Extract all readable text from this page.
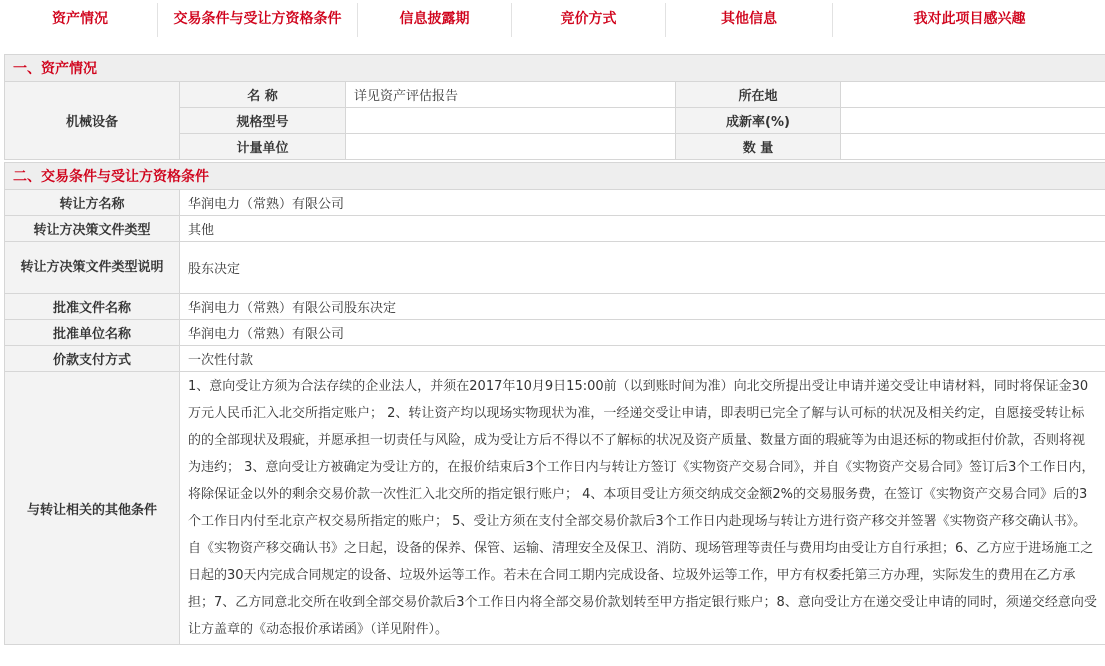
资产情况	交易条件与受让方资格条件	信息披露期	竞价方式	其他信息	我对此项目感兴趣
一、资产情况				
机械设备	名 称	详见资产评估报告	所在地	
	规格型号		成新率(%)	
	计量单位		数 量	
二、交易条件与受让方资格条件	
转让方名称	华润电力（常熟）有限公司
转让方决策文件类型	其他
转让方决策文件类型说明	股东决定
批准文件名称	华润电力（常熟）有限公司股东决定
批准单位名称	华润电力（常熟）有限公司
价款支付方式	一次性付款
与转让相关的其他条件	1、意向受让方须为合法存续的企业法人，并须在2017年10月9日15:00前（以到账时间为准）向北交所提出受让申请并递交受让申请材料，同时将保证金30万元人民币汇入北交所指定账户； 2、转让资产均以现场实物现状为准，一经递交受让申请，即表明已完全了解与认可标的状况及相关约定，自愿接受转让标的的全部现状及瑕疵，并愿承担一切责任与风险，成为受让方后不得以不了解标的状况及资产质量、数量方面的瑕疵等为由退还标的物或拒付价款，否则将视为违约； 3、意向受让方被确定为受让方的，在报价结束后3个工作日内与转让方签订《实物资产交易合同》，并自《实物资产交易合同》签订后3个工作日内，将除保证金以外的剩余交易价款一次性汇入北交所的指定银行账户； 4、本项目受让方须交纳成交金额2%的交易服务费，在签订《实物资产交易合同》后的3个工作日内付至北京产权交易所指定的账户； 5、受让方须在支付全部交易价款后3个工作日内赴现场与转让方进行资产移交并签署《实物资产移交确认书》。自《实物资产移交确认书》之日起，设备的保养、保管、运输、清理安全及保卫、消防、现场管理等责任与费用均由受让方自行承担；6、乙方应于进场施工之日起的30天内完成合同规定的设备、垃圾外运等工作。若未在合同工期内完成设备、垃圾外运等工作，甲方有权委托第三方办理，实际发生的费用在乙方承担；7、乙方同意北交所在收到全部交易价款后3个工作日内将全部交易价款划转至甲方指定银行账户；8、意向受让方在递交受让申请的同时，须递交经意向受让方盖章的《动态报价承诺函》（详见附件）。
